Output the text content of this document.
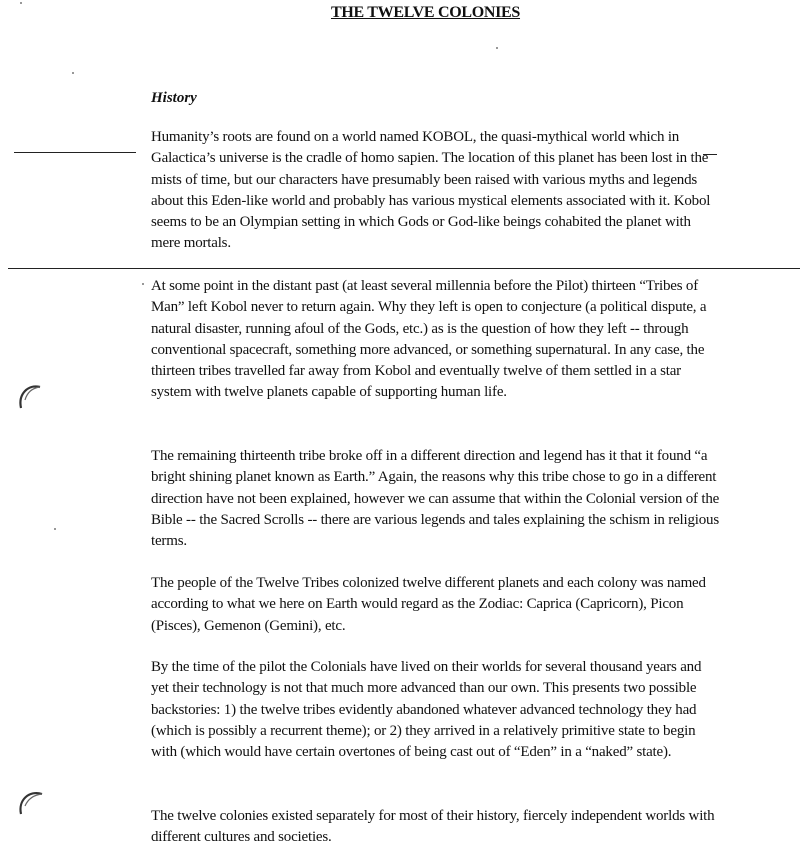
THE TWELVE COLONIES
History

Humanity’s roots are found on a world named KOBOL, the quasi-mythical world which in Galactica’s universe is the cradle of homo sapien. The location of this planet has been lost in the mists of time, but our characters have presumably been raised with various myths and legends about this Eden-like world and probably has various mystical elements associated with it. Kobol seems to be an Olympian setting in which Gods or God-like beings cohabited the planet with mere mortals.

At some point in the distant past (at least several millennia before the Pilot) thirteen “Tribes of Man” left Kobol never to return again. Why they left is open to conjecture (a political dispute, a natural disaster, running afoul of the Gods, etc.) as is the question of how they left -- through conventional spacecraft, something more advanced, or something supernatural. In any case, the thirteen tribes travelled far away from Kobol and eventually twelve of them settled in a star system with twelve planets capable of supporting human life.

The remaining thirteenth tribe broke off in a different direction and legend has it that it found “a bright shining planet known as Earth.” Again, the reasons why this tribe chose to go in a different direction have not been explained, however we can assume that within the Colonial version of the Bible -- the Sacred Scrolls -- there are various legends and tales explaining the schism in religious terms.

The people of the Twelve Tribes colonized twelve different planets and each colony was named according to what we here on Earth would regard as the Zodiac: Caprica (Capricorn), Picon (Pisces), Gemenon (Gemini), etc.

By the time of the pilot the Colonials have lived on their worlds for several thousand years and yet their technology is not that much more advanced than our own. This presents two possible backstories: 1) the twelve tribes evidently abandoned whatever advanced technology they had (which is possibly a recurrent theme); or 2) they arrived in a relatively primitive state to begin with (which would have certain overtones of being cast out of “Eden” in a “naked” state).

The twelve colonies existed separately for most of their history, fiercely independent worlds with different cultures and societies.
